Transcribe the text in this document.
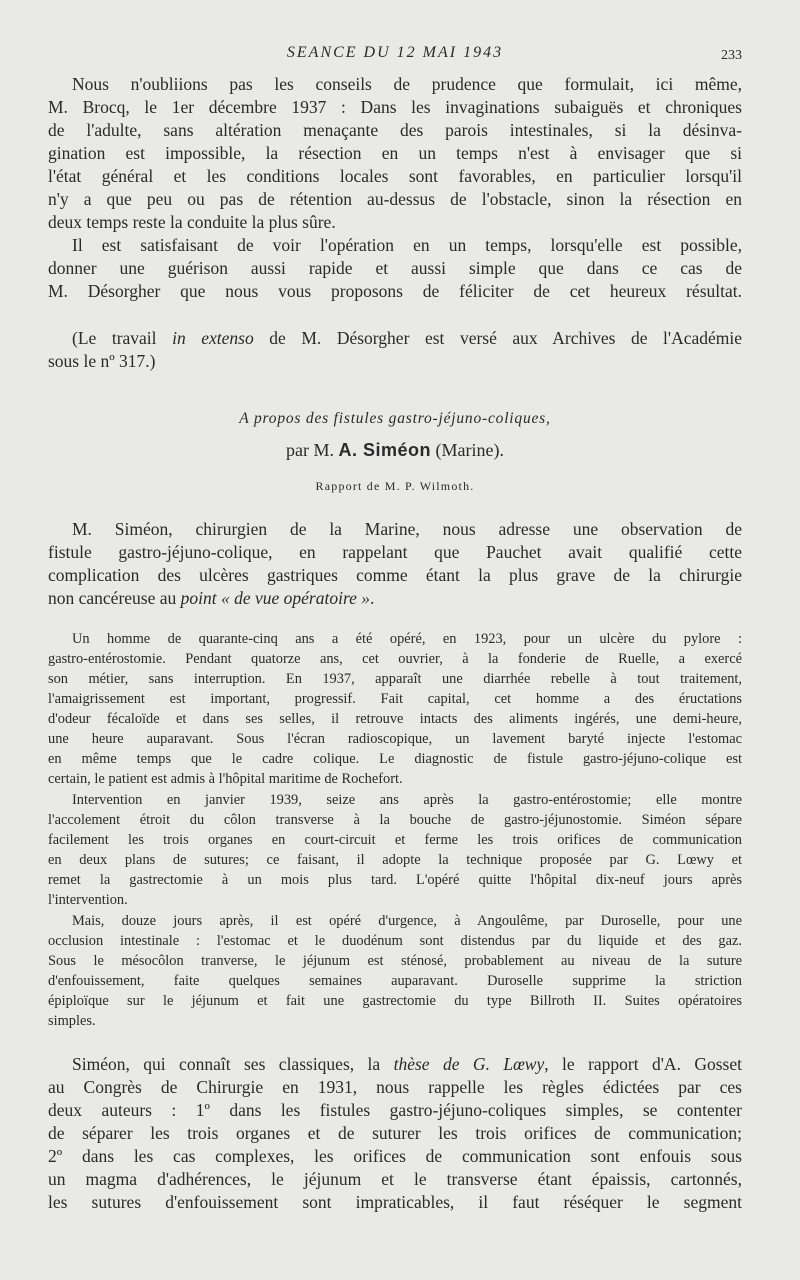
SEANCE DU 12 MAI 1943	233
Nous n'oubliions pas les conseils de prudence que formulait, ici même,
M. Brocq, le 1er décembre 1937 : Dans les invaginations subaiguës et chroniques
de l'adulte, sans altération menaçante des parois intestinales, si la désinva-
gination est impossible, la résection en un temps n'est à envisager que si
l'état général et les conditions locales sont favorables, en particulier lorsqu'il
n'y a que peu ou pas de rétention au-dessus de l'obstacle, sinon la résection en
deux temps reste la conduite la plus sûre.
Il est satisfaisant de voir l'opération en un temps, lorsqu'elle est possible,
donner une guérison aussi rapide et aussi simple que dans ce cas de
M. Désorgher que nous vous proposons de féliciter de cet heureux résultat.
(Le travail in extenso de M. Désorgher est versé aux Archives de l'Académie
sous le nº 317.)
A propos des fistules gastro-jéjuno-coliques,
par M. A. Siméon (Marine).
Rapport de M. P. Wilmoth.
M. Siméon, chirurgien de la Marine, nous adresse une observation de
fistule gastro-jéjuno-colique, en rappelant que Pauchet avait qualifié cette
complication des ulcères gastriques comme étant la plus grave de la chirurgie
non cancéreuse au point « de vue opératoire ».
Un homme de quarante-cinq ans a été opéré, en 1923, pour un ulcère du pylore :
gastro-entérostomie. Pendant quatorze ans, cet ouvrier, à la fonderie de Ruelle, a exercé
son métier, sans interruption. En 1937, apparaît une diarrhée rebelle à tout traitement,
l'amaigrissement est important, progressif. Fait capital, cet homme a des éructations
d'odeur fécaloïde et dans ses selles, il retrouve intacts des aliments ingérés, une demi-heure,
une heure auparavant. Sous l'écran radioscopique, un lavement baryté injecte l'estomac
en même temps que le cadre colique. Le diagnostic de fistule gastro-jéjuno-colique est
certain, le patient est admis à l'hôpital maritime de Rochefort.
Intervention en janvier 1939, seize ans après la gastro-entérostomie; elle montre
l'accolement étroit du côlon transverse à la bouche de gastro-jéjunostomie. Siméon sépare
facilement les trois organes en court-circuit et ferme les trois orifices de communication
en deux plans de sutures; ce faisant, il adopte la technique proposée par G. Lœwy et
remet la gastrectomie à un mois plus tard. L'opéré quitte l'hôpital dix-neuf jours après
l'intervention.
Mais, douze jours après, il est opéré d'urgence, à Angoulême, par Duroselle, pour une
occlusion intestinale : l'estomac et le duodénum sont distendus par du liquide et des gaz.
Sous le mésocôlon tranverse, le jéjunum est sténosé, probablement au niveau de la suture
d'enfouissement, faite quelques semaines auparavant. Duroselle supprime la striction
épiploïque sur le jéjunum et fait une gastrectomie du type Billroth II. Suites opératoires
simples.
Siméon, qui connaît ses classiques, la thèse de G. Lœwy, le rapport d'A. Gosset
au Congrès de Chirurgie en 1931, nous rappelle les règles édictées par ces
deux auteurs : 1º dans les fistules gastro-jéjuno-coliques simples, se contenter
de séparer les trois organes et de suturer les trois orifices de communication;
2º dans les cas complexes, les orifices de communication sont enfouis sous
un magma d'adhérences, le jéjunum et le transverse étant épaissis, cartonnés,
les sutures d'enfouissement sont impraticables, il faut réséquer le segment
